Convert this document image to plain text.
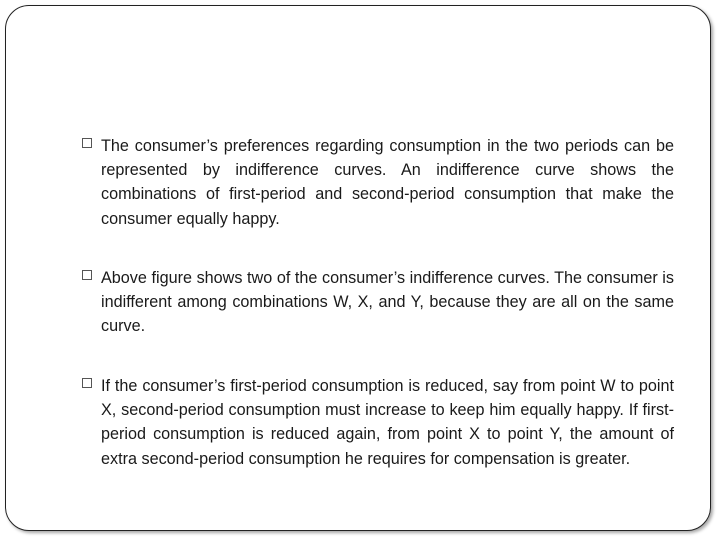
The consumer’s preferences regarding consumption in the two periods can be represented by indifference curves. An indifference curve shows the combinations of first-period and second-period consumption that make the consumer equally happy.
Above figure shows two of the consumer’s indifference curves. The consumer is indifferent among combinations W, X, and Y, because they are all on the same curve.
If the consumer’s first-period consumption is reduced, say from point W to point X, second-period consumption must increase to keep him equally happy. If first-period consumption is reduced again, from point X to point Y, the amount of extra second-period consumption he requires for compensation is greater.
